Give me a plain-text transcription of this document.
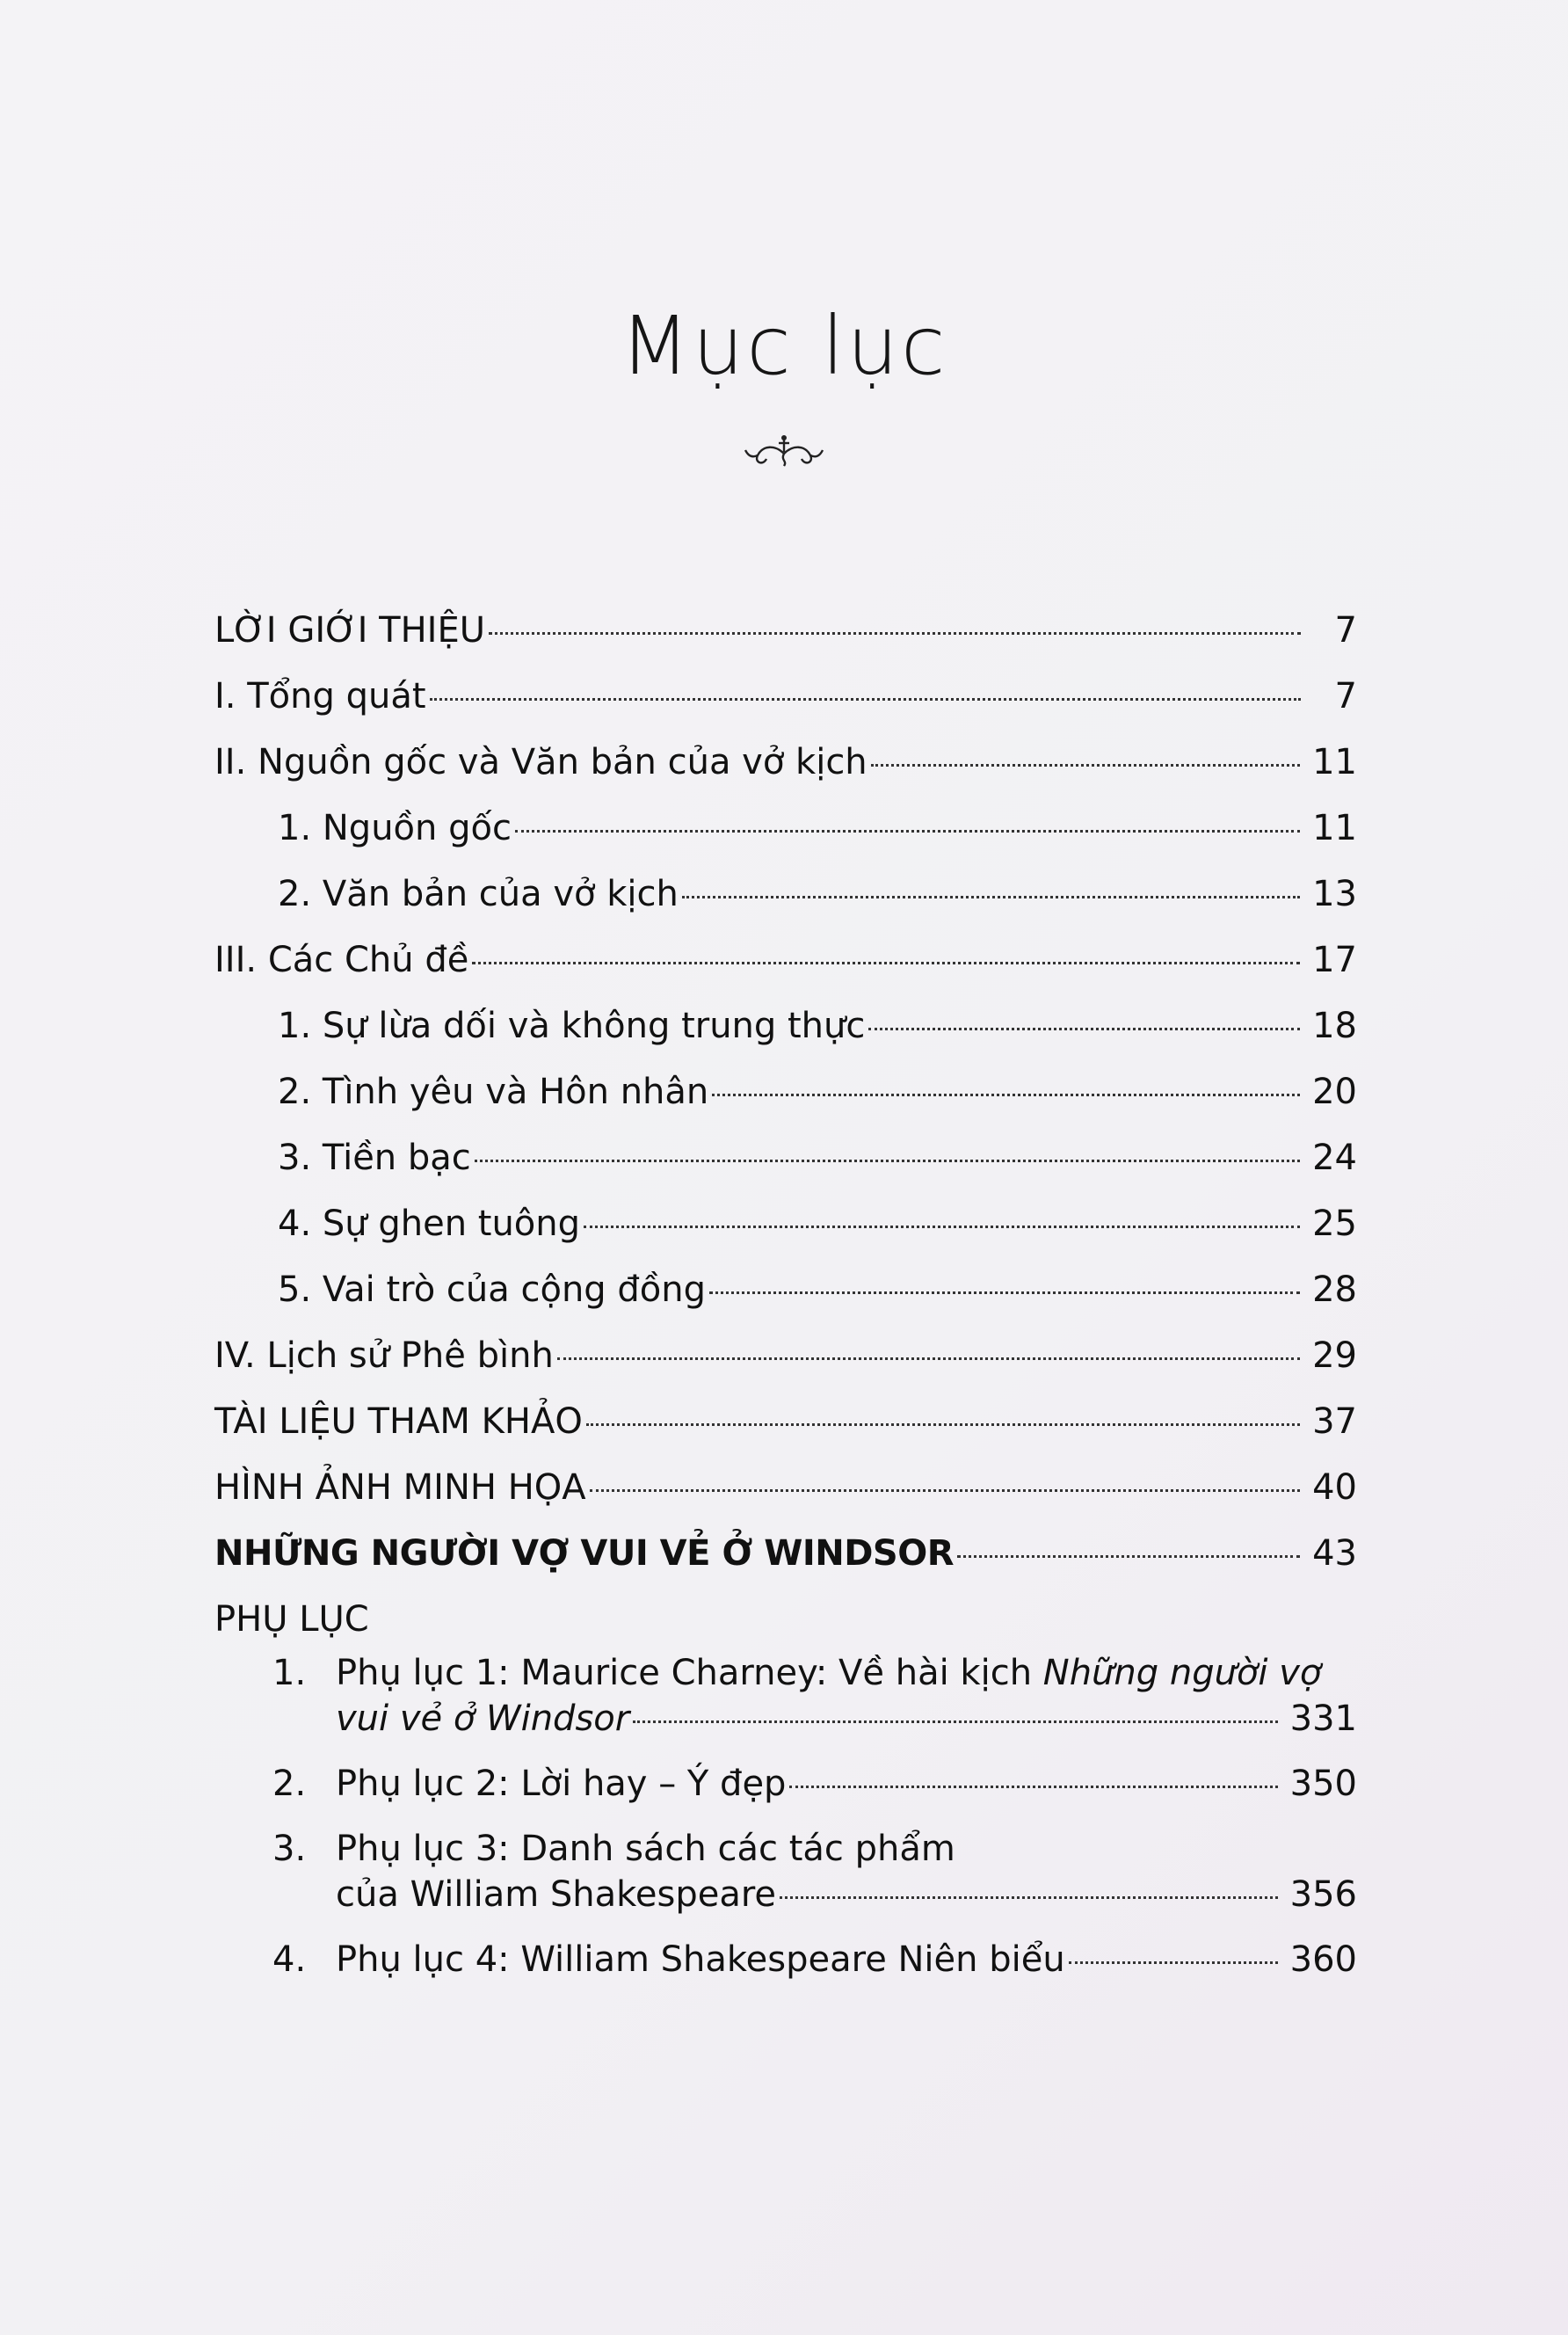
Mục lục
LỜI GIỚI THIỆU	7
I. Tổng quát	7
II. Nguồn gốc và Văn bản của vở kịch	11
1. Nguồn gốc	11
2. Văn bản của vở kịch	13
III. Các Chủ đề	17
1. Sự lừa dối và không trung thực	18
2. Tình yêu và Hôn nhân	20
3. Tiền bạc	24
4. Sự ghen tuông	25
5. Vai trò của cộng đồng	28
IV. Lịch sử Phê bình	29
TÀI LIỆU THAM KHẢO	37
HÌNH ẢNH MINH HỌA	40
NHỮNG NGƯỜI VỢ VUI VẺ Ở WINDSOR	43
PHỤ LỤC
1. Phụ lục 1: Maurice Charney: Về hài kịch Những người vợ
vui vẻ ở Windsor	331
2. Phụ lục 2: Lời hay – Ý đẹp	350
3. Phụ lục 3: Danh sách các tác phẩm
của William Shakespeare	356
4. Phụ lục 4: William Shakespeare Niên biểu	360
